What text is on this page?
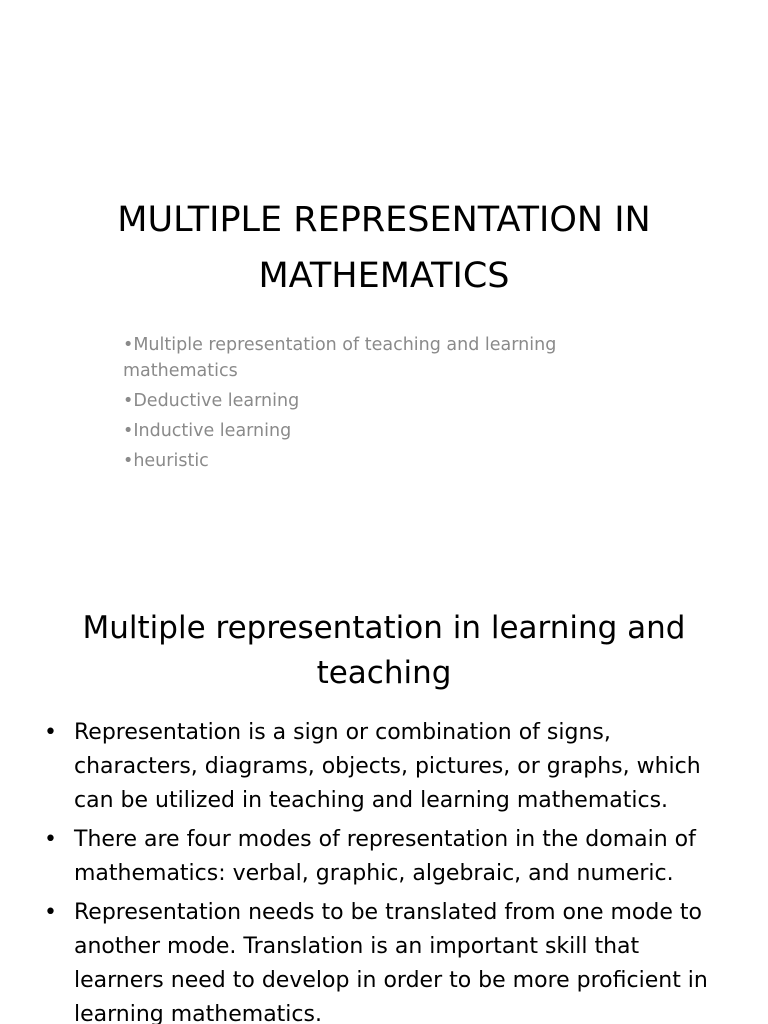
MULTIPLE REPRESENTATION IN MATHEMATICS
• Multiple representation of teaching and learning mathematics
• Deductive learning
• Inductive learning
• heuristic
Multiple representation in learning and teaching
• Representation is a sign or combination of signs, characters, diagrams, objects, pictures, or graphs, which can be utilized in teaching and learning mathematics.
• There are four modes of representation in the domain of mathematics: verbal, graphic, algebraic, and numeric.
• Representation needs to be translated from one mode to another mode. Translation is an important skill that learners need to develop in order to be more proficient in learning mathematics.
